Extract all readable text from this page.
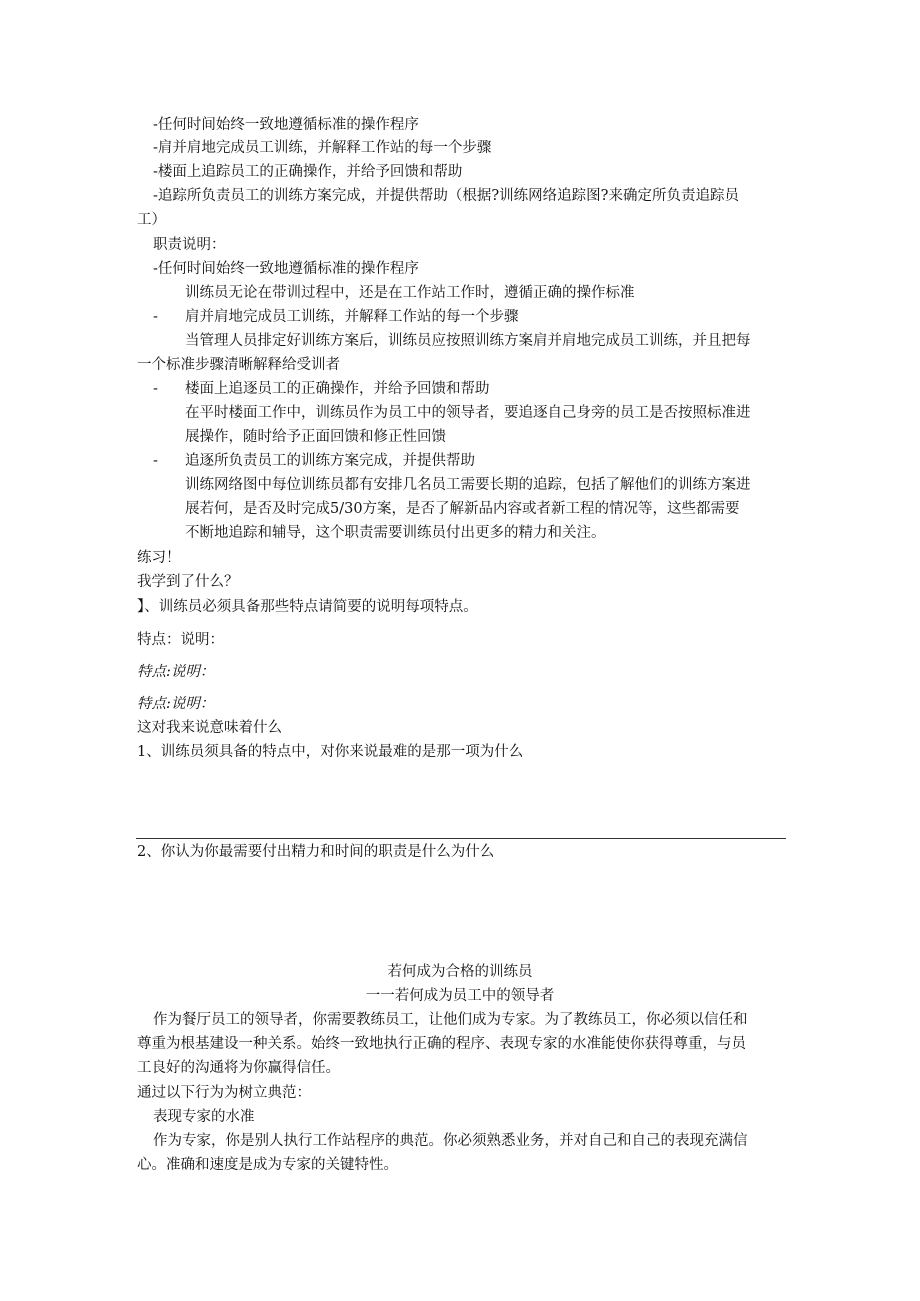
-任何时间始终一致地遵循标准的操作程序
-肩并肩地完成员工训练，并解释工作站的每一个步骤
-楼面上追踪员工的正确操作，并给予回馈和帮助
-追踪所负责员工的训练方案完成，并提供帮助（根据?训练网络追踪图?来确定所负责追踪员
工）
职责说明：
-任何时间始终一致地遵循标准的操作程序
训练员无论在带训过程中，还是在工作站工作时，遵循正确的操作标准
- 肩并肩地完成员工训练，并解释工作站的每一个步骤
当管理人员排定好训练方案后，训练员应按照训练方案肩并肩地完成员工训练，并且把每
一个标准步骤清晰解释给受训者
- 楼面上追逐员工的正确操作，并给予回馈和帮助
在平时楼面工作中，训练员作为员工中的领导者，要追逐自己身旁的员工是否按照标准进
展操作，随时给予正面回馈和修正性回馈
- 追逐所负责员工的训练方案完成，并提供帮助
训练网络图中每位训练员都有安排几名员工需要长期的追踪，包括了解他们的训练方案进
展若何，是否及时完成5/30方案，是否了解新品内容或者新工程的情况等，这些都需要
不断地追踪和辅导，这个职责需要训练员付出更多的精力和关注。
练习！
我学到了什么？
】、训练员必须具备那些特点请简要的说明每项特点。
特点：说明：
特点:说明：
特点:说明：
这对我来说意味着什么
1、训练员须具备的特点中，对你来说最难的是那一项为什么
2、你认为你最需要付出精力和时间的职责是什么为什么
若何成为合格的训练员
一一若何成为员工中的领导者
作为餐厅员工的领导者，你需要教练员工，让他们成为专家。为了教练员工，你必须以信任和
尊重为根基建设一种关系。始终一致地执行正确的程序、表现专家的水准能使你获得尊重，与员
工良好的沟通将为你赢得信任。
通过以下行为为树立典范：
表现专家的水准
作为专家，你是别人执行工作站程序的典范。你必须熟悉业务，并对自己和自己的表现充满信
心。准确和速度是成为专家的关键特性。
